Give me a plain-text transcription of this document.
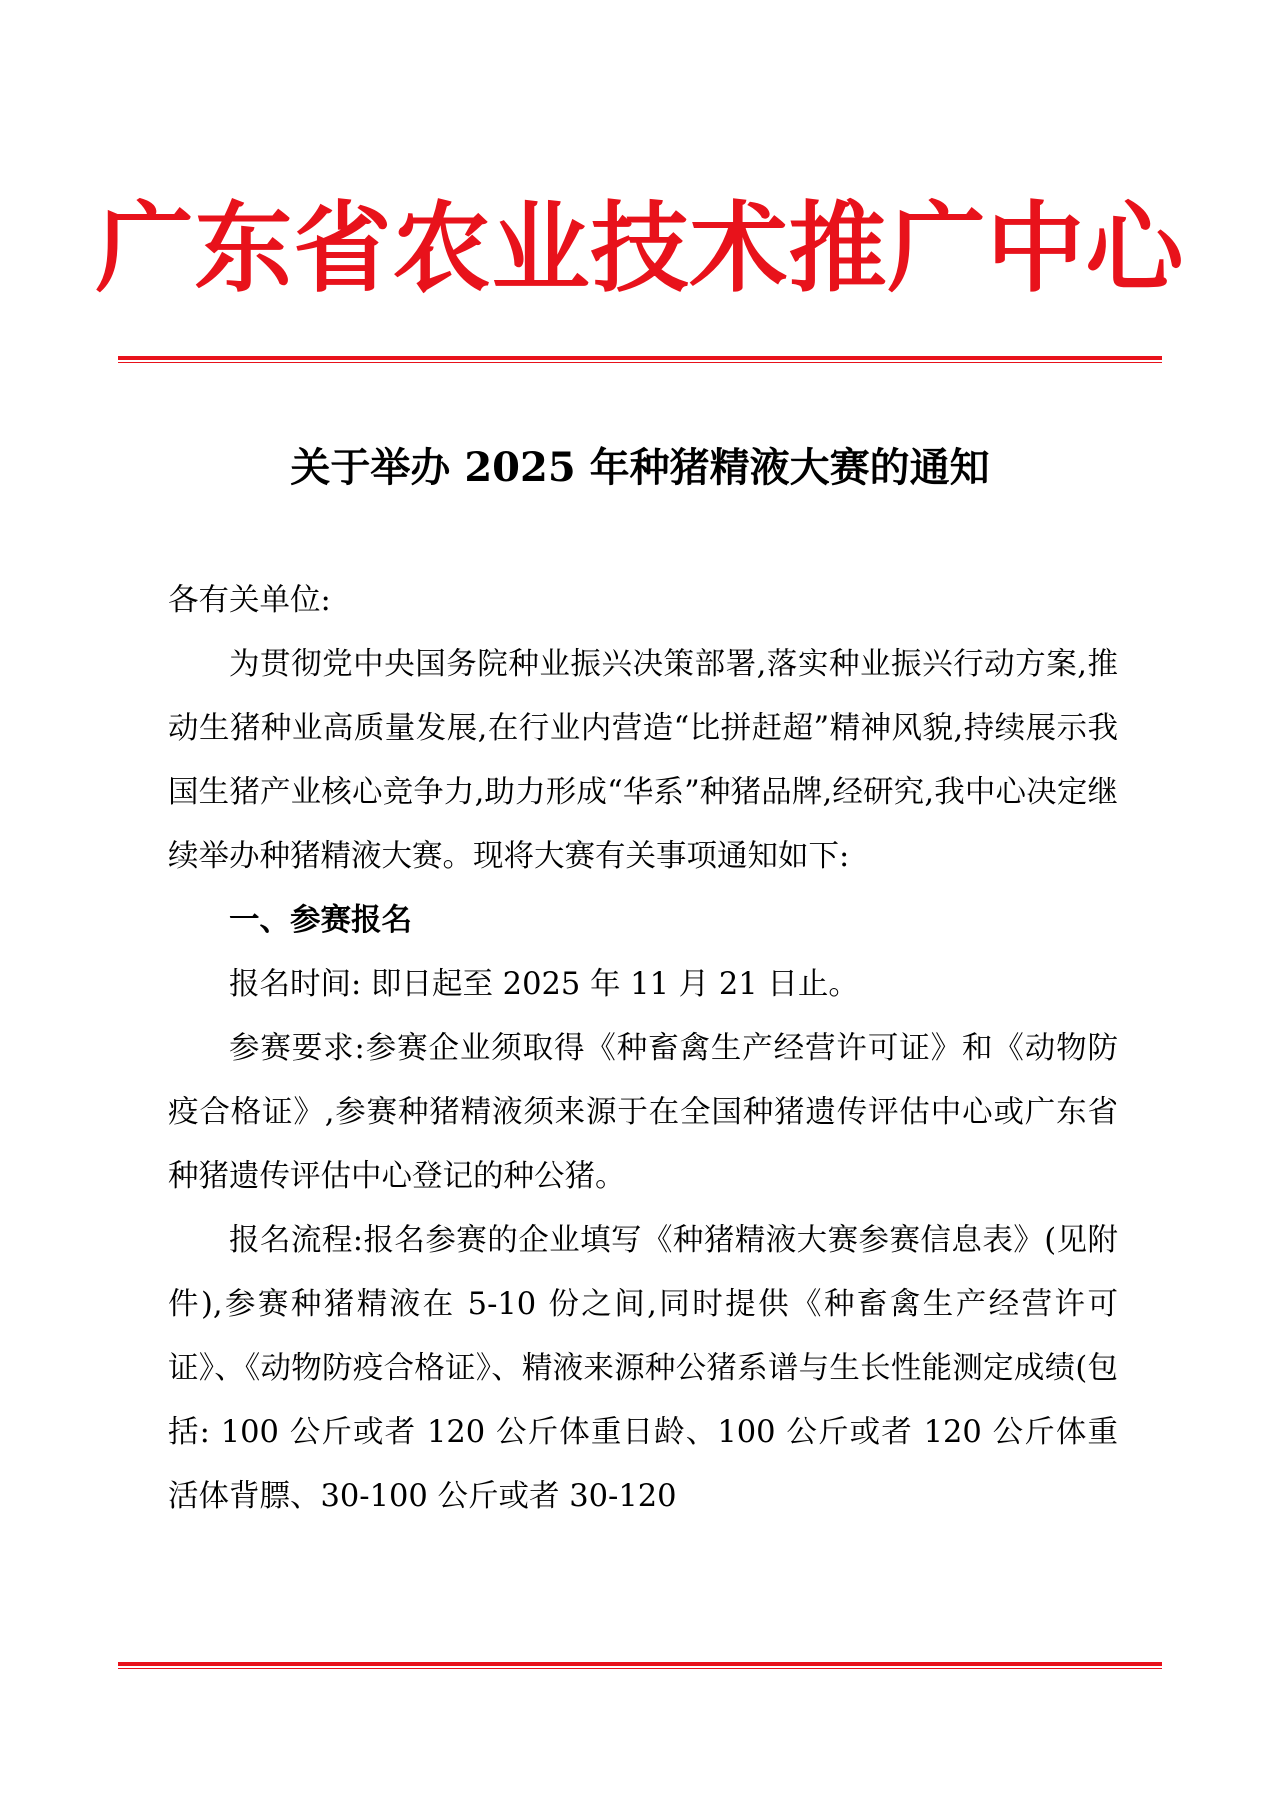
广东省农业技术推广中心
关于举办 2025 年种猪精液大赛的通知

各有关单位:

为贯彻党中央国务院种业振兴决策部署,落实种业振兴行动方案,推动生猪种业高质量发展,在行业内营造“比拼赶超”精神风貌,持续展示我国生猪产业核心竞争力,助力形成“华系”种猪品牌,经研究,我中心决定继续举办种猪精液大赛。现将大赛有关事项通知如下:

一、参赛报名

报名时间: 即日起至 2025 年 11 月 21 日止。

参赛要求:参赛企业须取得《种畜禽生产经营许可证》和《动物防疫合格证》,参赛种猪精液须来源于在全国种猪遗传评估中心或广东省种猪遗传评估中心登记的种公猪。

报名流程:报名参赛的企业填写《种猪精液大赛参赛信息表》(见附件),参赛种猪精液在 5-10 份之间,同时提供《种畜禽生产经营许可证》、《动物防疫合格证》、精液来源种公猪系谱与生长性能测定成绩(包括: 100 公斤或者 120 公斤体重日龄、100 公斤或者 120 公斤体重活体背膘、30-100 公斤或者 30-120
